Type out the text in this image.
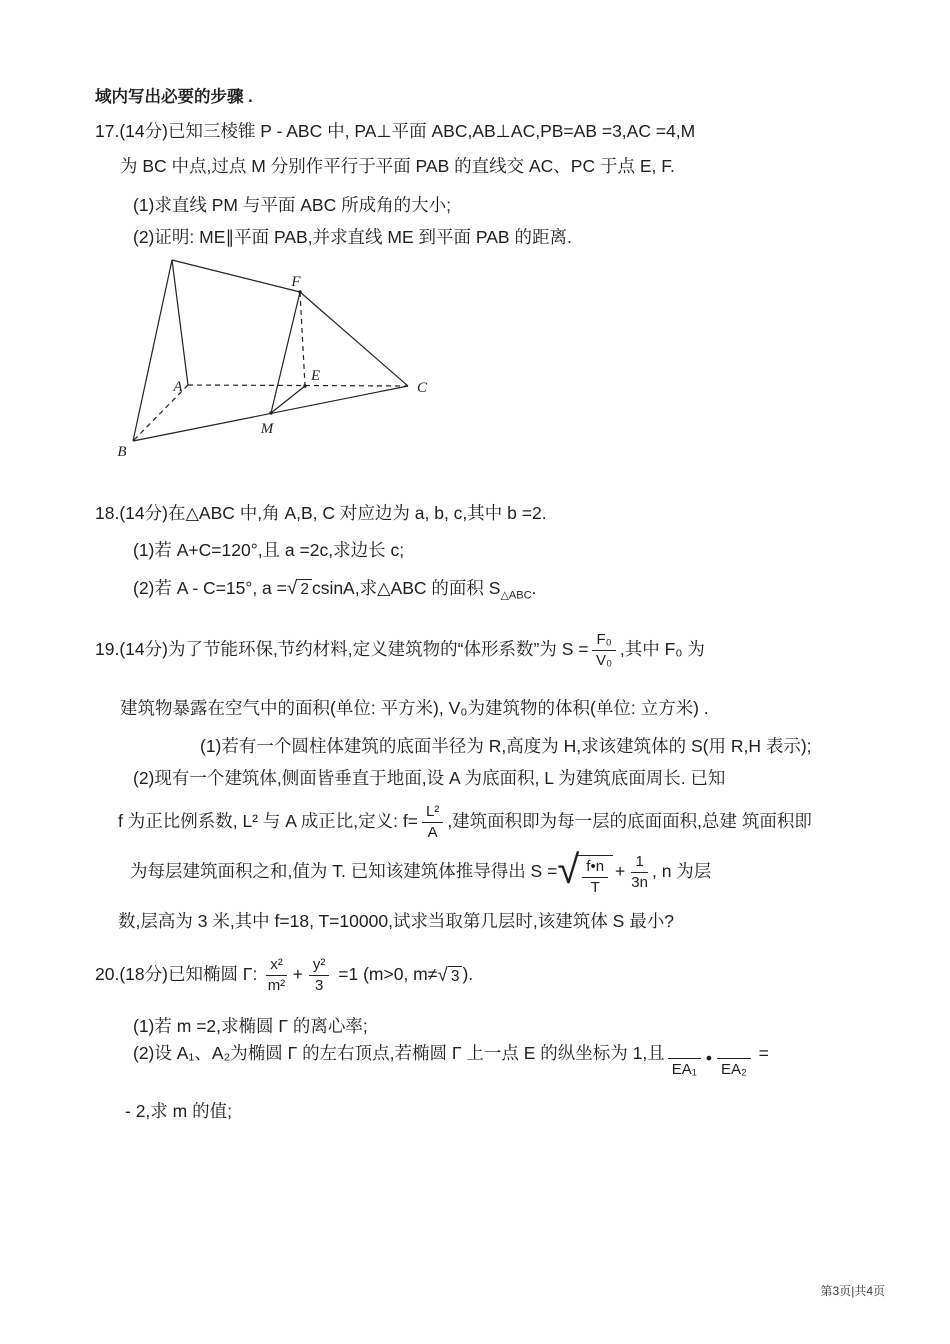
域内写出必要的步骤 .

17.(14分)已知三棱锥 P - ABC 中, PA⊥平面 ABC,AB⊥AC,PB=AB =3,AC =4,M

为 BC 中点,过点 M 分别作平行于平面 PAB 的直线交 AC、PC 于点 E, F.

(1)求直线 PM 与平面 ABC 所成角的大小;

(2)证明: ME∥平面 PAB,并求直线 ME 到平面 PAB 的距离.

F
A
E
C
B
M

18.(14分)在△ABC 中,角 A,B, C 对应边为 a, b, c,其中 b =2.

(1)若 A+C=120°,且 a =2c,求边长 c;

(2)若 A - C=15°, a = √ 2 csinA,求△ABC 的面积 $S_{\triangle ABC}$.

19.(14分)为了节能环保,节约材料,定义建筑物的“体形系数”为 $S = \frac{\text{F₀}}{\text{V₀}}$ ,其中 F₀ 为

建筑物暴露在空气中的面积(单位: 平方米), V₀为建筑物的体积(单位: 立方米) .

(1)若有一个圆柱体建筑的底面半径为 R,高度为 H,求该建筑体的 S(用 R,H 表示);

(2)现有一个建筑体,侧面皆垂直于地面,设 A 为底面积, L 为建筑底面周长. 已知

f 为正比例系数, L² 与 A 成正比,定义: $f= \frac{\text{L²}}{A}$ ,建筑面积即为每一层的底面面积,总建 筑面积即

为每层建筑面积之和,值为 T. 已知该建筑体推导得出 S = √ $\frac{f•n}{T} + \frac{1}{3n}$ , n 为层

数,层高为 3 米,其中 f=18, T=10000,试求当取第几层时,该建筑体 S 最小?

20.(18分)已知椭圆 Γ: $\frac{\text{x²}}{\text{m²}} + \frac{\text{y²}}{3} =1$ (m>0, m≠ √ 3 ).

(1)若 m =2,求椭圆 Γ 的离心率;

(2)设 A₁、A₂为椭圆 Γ 的左右顶点,若椭圆 Γ 上一点 E 的纵坐标为 1,且EA₁•EA₂ =

- 2,求 m 的值;

第3页|共4页
